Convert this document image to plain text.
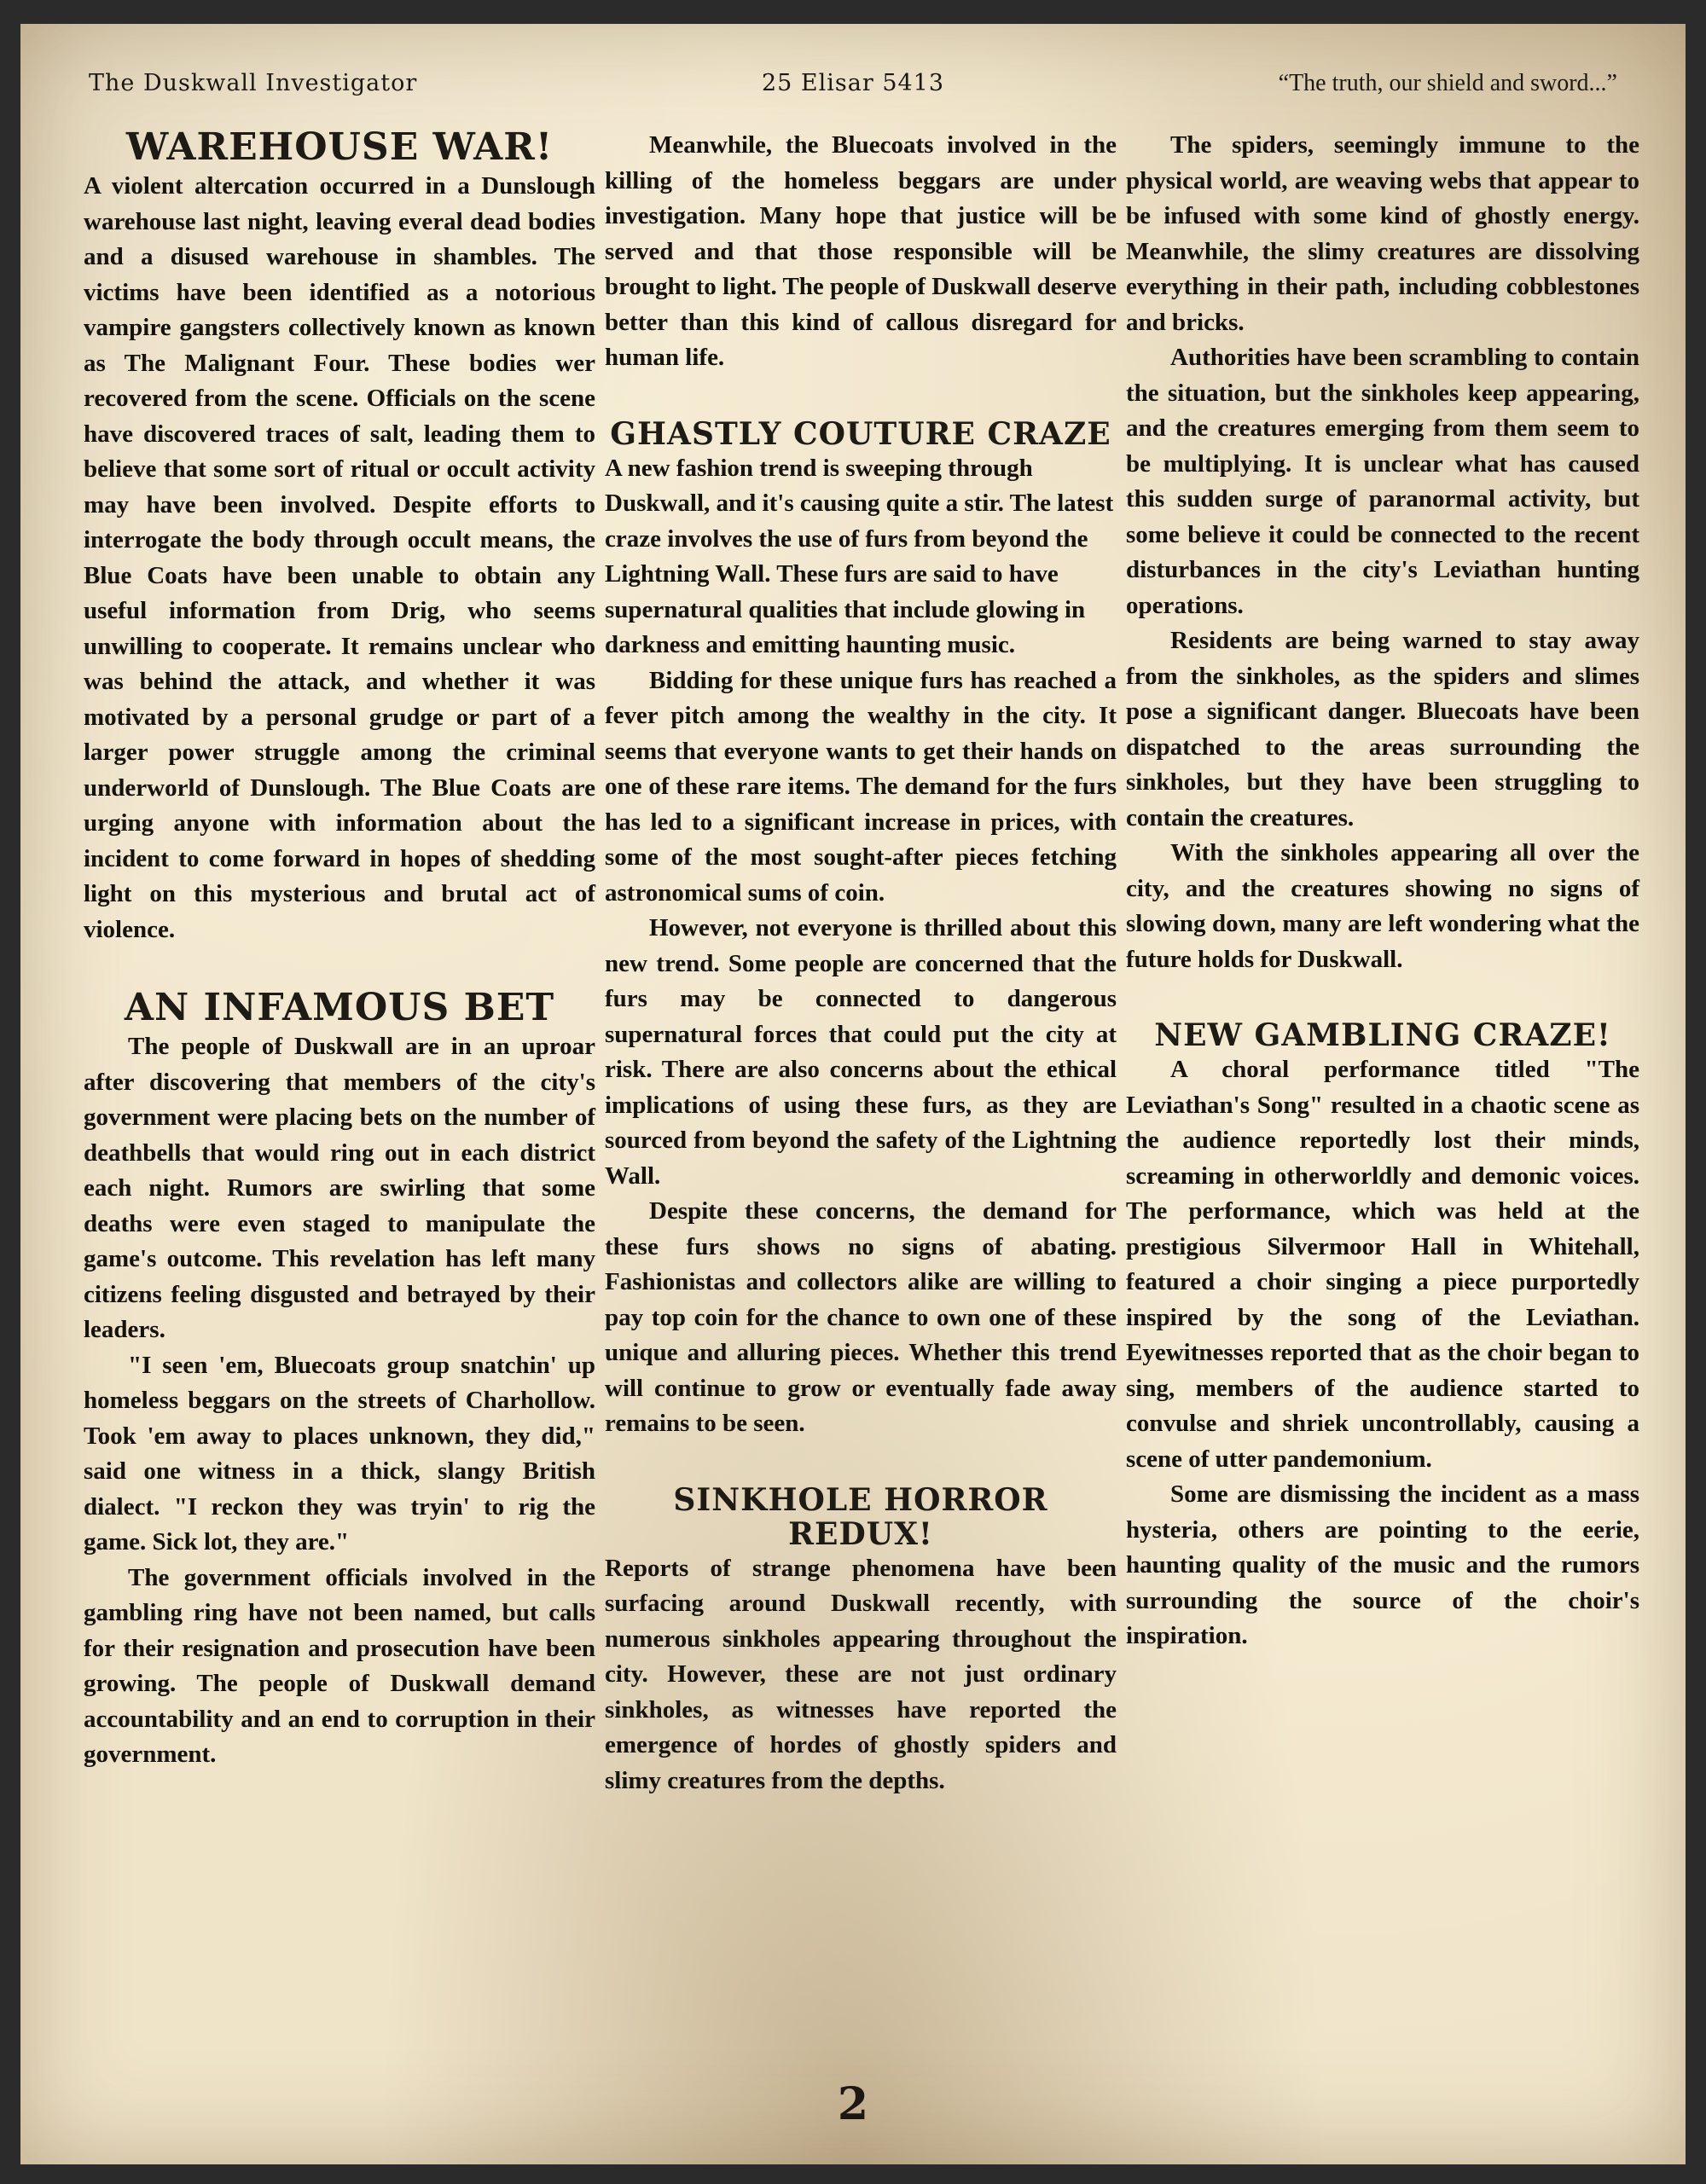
The Duskwall Investigator	25 Elisar 5413	“The truth, our shield and sword...”
WAREHOUSE WAR!

A violent altercation occurred in a Dunslough warehouse last night, leaving everal dead bodies and a disused warehouse in shambles. The victims have been identified as a notorious vampire gangsters collectively known as known as The Malignant Four. These bodies wer recovered from the scene. Officials on the scene have discovered traces of salt, leading them to believe that some sort of ritual or occult activity may have been involved. Despite efforts to interrogate the body through occult means, the Blue Coats have been unable to obtain any useful information from Drig, who seems unwilling to cooperate. It remains unclear who was behind the attack, and whether it was motivated by a personal grudge or part of a larger power struggle among the criminal underworld of Dunslough. The Blue Coats are urging anyone with information about the incident to come forward in hopes of shedding light on this mysterious and brutal act of violence.

AN INFAMOUS BET

The people of Duskwall are in an uproar after discovering that members of the city's government were placing bets on the number of deathbells that would ring out in each district each night. Rumors are swirling that some deaths were even staged to manipulate the game's outcome. This revelation has left many citizens feeling disgusted and betrayed by their leaders.

"I seen 'em, Bluecoats group snatchin' up homeless beggars on the streets of Charhollow. Took 'em away to places unknown, they did," said one witness in a thick, slangy British dialect. "I reckon they was tryin' to rig the game. Sick lot, they are."

The government officials involved in the gambling ring have not been named, but calls for their resignation and prosecution have been growing. The people of Duskwall demand accountability and an end to corruption in their government.

Meanwhile, the Bluecoats involved in the killing of the homeless beggars are under investigation. Many hope that justice will be served and that those responsible will be brought to light. The people of Duskwall deserve better than this kind of callous disregard for human life.

GHASTLY COUTURE CRAZE

A new fashion trend is sweeping through Duskwall, and it's causing quite a stir. The latest craze involves the use of furs from beyond the Lightning Wall. These furs are said to have supernatural qualities that include glowing in darkness and emitting haunting music.

Bidding for these unique furs has reached a fever pitch among the wealthy in the city. It seems that everyone wants to get their hands on one of these rare items. The demand for the furs has led to a significant increase in prices, with some of the most sought-after pieces fetching astronomical sums of coin.

However, not everyone is thrilled about this new trend. Some people are concerned that the furs may be connected to dangerous supernatural forces that could put the city at risk. There are also concerns about the ethical implications of using these furs, as they are sourced from beyond the safety of the Lightning Wall.

Despite these concerns, the demand for these furs shows no signs of abating. Fashionistas and collectors alike are willing to pay top coin for the chance to own one of these unique and alluring pieces. Whether this trend will continue to grow or eventually fade away remains to be seen.

SINKHOLE HORROR REDUX!

Reports of strange phenomena have been surfacing around Duskwall recently, with numerous sinkholes appearing throughout the city. However, these are not just ordinary sinkholes, as witnesses have reported the emergence of hordes of ghostly spiders and slimy creatures from the depths.

The spiders, seemingly immune to the physical world, are weaving webs that appear to be infused with some kind of ghostly energy. Meanwhile, the slimy creatures are dissolving everything in their path, including cobblestones and bricks.

Authorities have been scrambling to contain the situation, but the sinkholes keep appearing, and the creatures emerging from them seem to be multiplying. It is unclear what has caused this sudden surge of paranormal activity, but some believe it could be connected to the recent disturbances in the city's Leviathan hunting operations.

Residents are being warned to stay away from the sinkholes, as the spiders and slimes pose a significant danger. Bluecoats have been dispatched to the areas surrounding the sinkholes, but they have been struggling to contain the creatures.

With the sinkholes appearing all over the city, and the creatures showing no signs of slowing down, many are left wondering what the future holds for Duskwall.

NEW GAMBLING CRAZE!

A choral performance titled "The Leviathan's Song" resulted in a chaotic scene as the audience reportedly lost their minds, screaming in otherworldly and demonic voices. The performance, which was held at the prestigious Silvermoor Hall in Whitehall, featured a choir singing a piece purportedly inspired by the song of the Leviathan. Eyewitnesses reported that as the choir began to sing, members of the audience started to convulse and shriek uncontrollably, causing a scene of utter pandemonium.

Some are dismissing the incident as a mass hysteria, others are pointing to the eerie, haunting quality of the music and the rumors surrounding the source of the choir's inspiration.

2
